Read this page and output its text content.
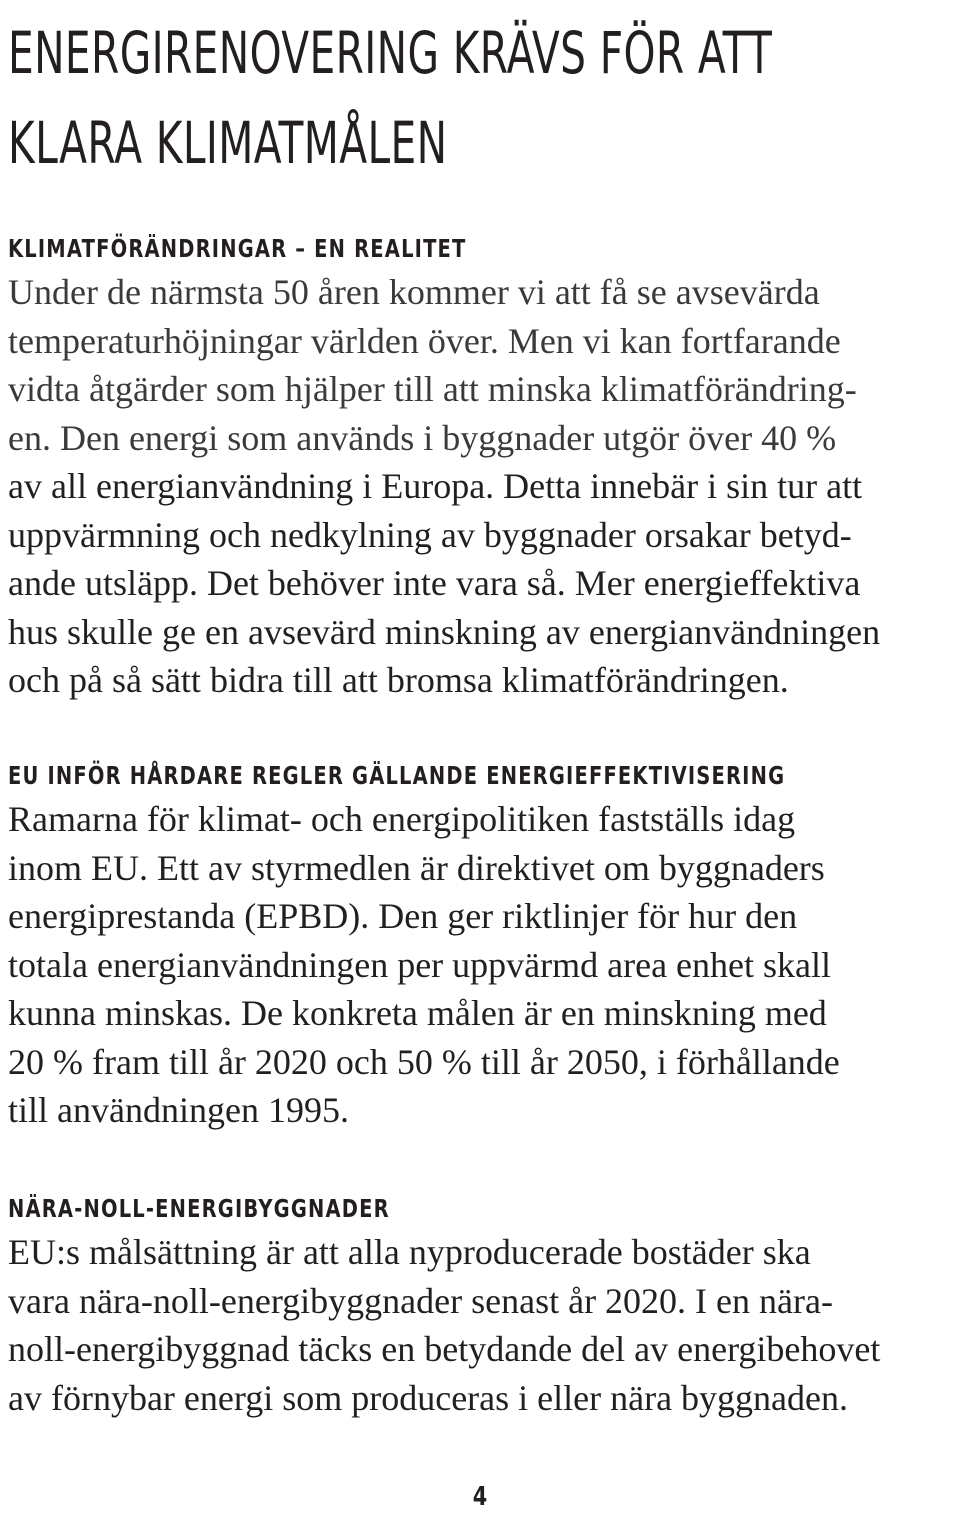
ENERGIRENOVERING KRÄVS FÖR ATT
KLARA KLIMATMÅLEN
KLIMATFÖRÄNDRINGAR – EN REALITET

Under de närmsta 50 åren kommer vi att få se avsevärda
temperaturhöjningar världen över. Men vi kan fortfarande
vidta åtgärder som hjälper till att minska klimatförändring-
en. Den energi som används i byggnader utgör över 40 %
av all energianvändning i Europa. Detta innebär i sin tur att
uppvärmning och nedkylning av byggnader orsakar betyd-
ande utsläpp. Det behöver inte vara så. Mer energieffektiva
hus skulle ge en avsevärd minskning av energianvändningen
och på så sätt bidra till att bromsa klimatförändringen.

EU INFÖR HÅRDARE REGLER GÄLLANDE ENERGIEFFEKTIVISERING

Ramarna för klimat- och energipolitiken fastställs idag
inom EU. Ett av styrmedlen är direktivet om byggnaders
energiprestanda (EPBD). Den ger riktlinjer för hur den
totala energianvändningen per uppvärmd area enhet skall
kunna minskas. De konkreta målen är en minskning med
20 % fram till år 2020 och 50 % till år 2050, i förhållande
till användningen 1995.

NÄRA-NOLL-ENERGIBYGGNADER

EU:s målsättning är att alla nyproducerade bostäder ska
vara nära-noll-energibyggnader senast år 2020. I en nära-
noll-energibyggnad täcks en betydande del av energibehovet
av förnybar energi som produceras i eller nära byggnaden.

4
